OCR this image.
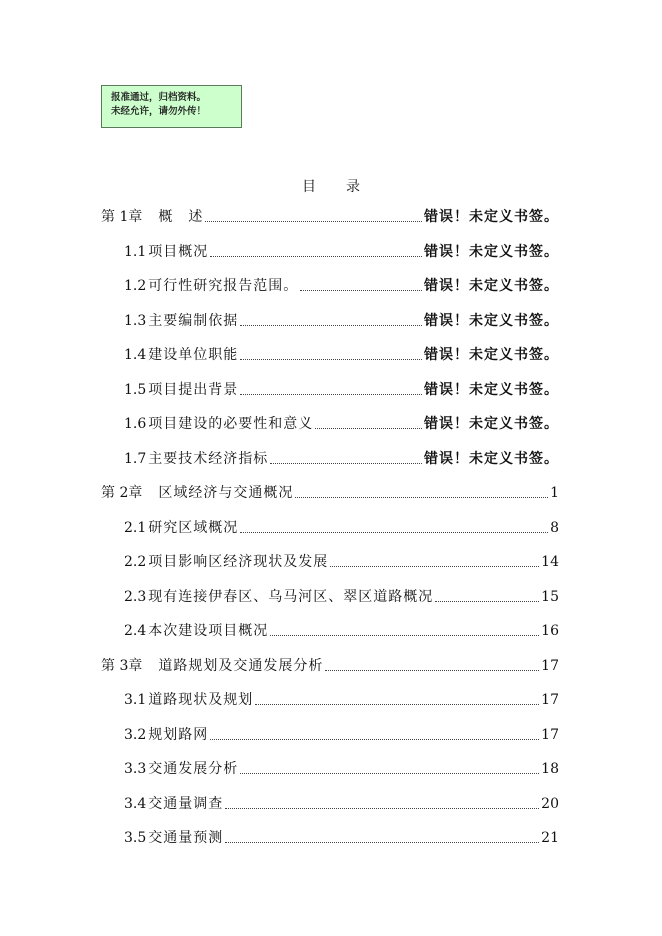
报准通过，归档资料。
未经允许，请勿外传！
目录
第 1章 概　述	错误！未定义书签。
1.1 项目概况	错误！未定义书签。
1.2 可行性研究报告范围。	错误！未定义书签。
1.3 主要编制依据	错误！未定义书签。
1.4 建设单位职能	错误！未定义书签。
1.5 项目提出背景	错误！未定义书签。
1.6 项目建设的必要性和意义	错误！未定义书签。
1.7 主要技术经济指标	错误！未定义书签。
第 2章 区域经济与交通概况	1
2.1 研究区域概况	8
2.2 项目影响区经济现状及发展	14
2.3 现有连接伊春区、乌马河区、翠区道路概况	15
2.4 本次建设项目概况	16
第 3章 道路规划及交通发展分析	17
3.1 道路现状及规划	17
3.2 规划路网	17
3.3 交通发展分析	18
3.4 交通量调查	20
3.5 交通量预测	21
